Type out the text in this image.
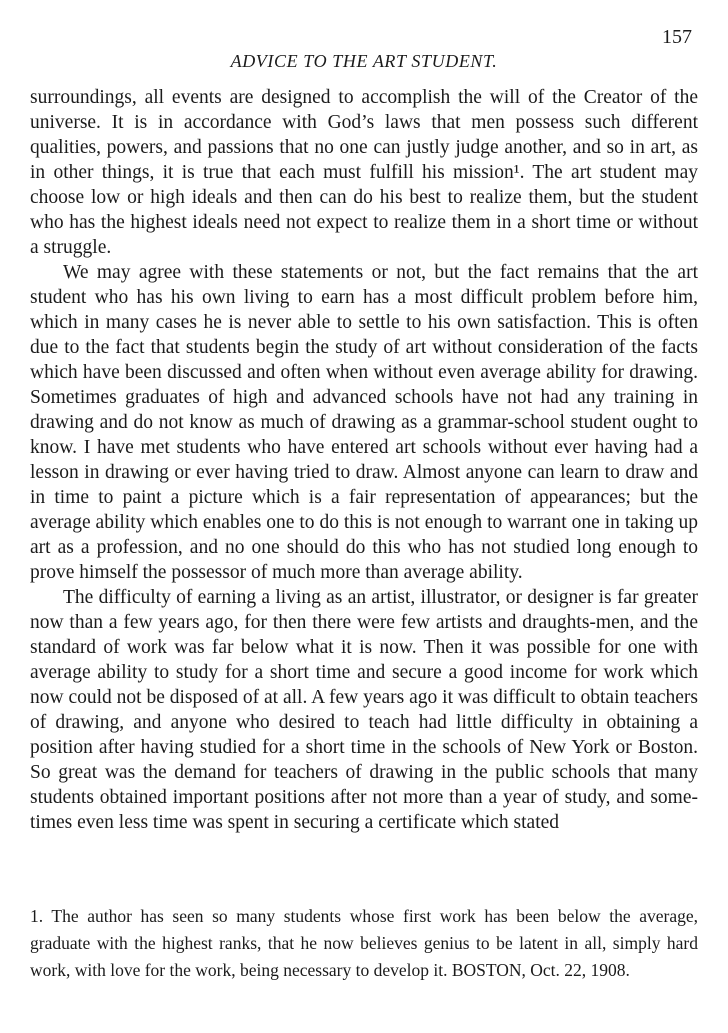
157
ADVICE TO THE ART STUDENT.

surroundings, all events are designed to accomplish the will of the Creator of the universe. It is in accordance with God’s laws that men possess such different qualities, powers, and passions that no one can justly judge another, and so in art, as in other things, it is true that each must fulfill his mission¹. The art student may choose low or high ideals and then can do his best to realize them, but the student who has the highest ideals need not expect to realize them in a short time or without a struggle.

We may agree with these statements or not, but the fact remains that the art student who has his own living to earn has a most difficult problem before him, which in many cases he is never able to settle to his own satisfaction. This is often due to the fact that students begin the study of art without consideration of the facts which have been discussed and often when without even average ability for drawing. Sometimes graduates of high and advanced schools have not had any training in drawing and do not know as much of drawing as a grammar-school student ought to know. I have met students who have entered art schools without ever having had a lesson in drawing or ever having tried to draw. Almost anyone can learn to draw and in time to paint a picture which is a fair representation of appearances; but the average ability which enables one to do this is not enough to warrant one in taking up art as a profession, and no one should do this who has not studied long enough to prove himself the possessor of much more than average ability.

The difficulty of earning a living as an artist, illustrator, or designer is far greater now than a few years ago, for then there were few artists and draughts-men, and the standard of work was far below what it is now. Then it was possible for one with average ability to study for a short time and secure a good income for work which now could not be disposed of at all. A few years ago it was difficult to obtain teachers of drawing, and anyone who desired to teach had little difficulty in obtaining a position after having studied for a short time in the schools of New York or Boston. So great was the demand for teachers of drawing in the public schools that many students obtained important positions after not more than a year of study, and some- times even less time was spent in securing a certificate which stated

1. The author has seen so many students whose first work has been below the average, graduate with the highest ranks, that he now believes genius to be latent in all, simply hard work, with love for the work, being necessary to develop it. BOSTON, Oct. 22, 1908.
